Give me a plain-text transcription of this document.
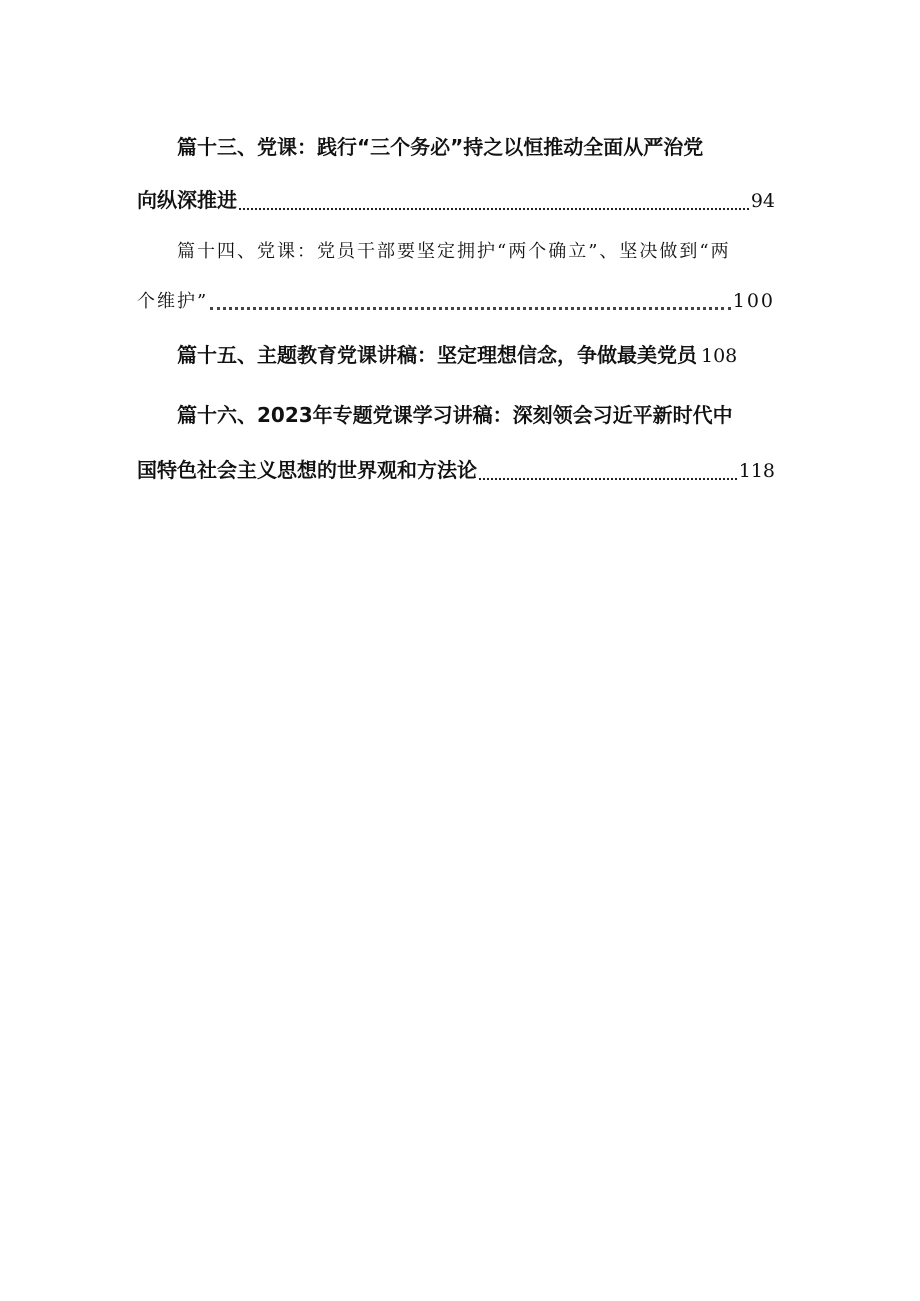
篇十三、党课：践行“三个务必”持之以恒推动全面从严治党
向纵深推进	94
篇十四、党课：党员干部要坚定拥护“两个确立”、坚决做到“两
个维护”	100
篇十五、主题教育党课讲稿：坚定理想信念，争做最美党员 108
篇十六、2023年专题党课学习讲稿：深刻领会习近平新时代中
国特色社会主义思想的世界观和方法论	118
